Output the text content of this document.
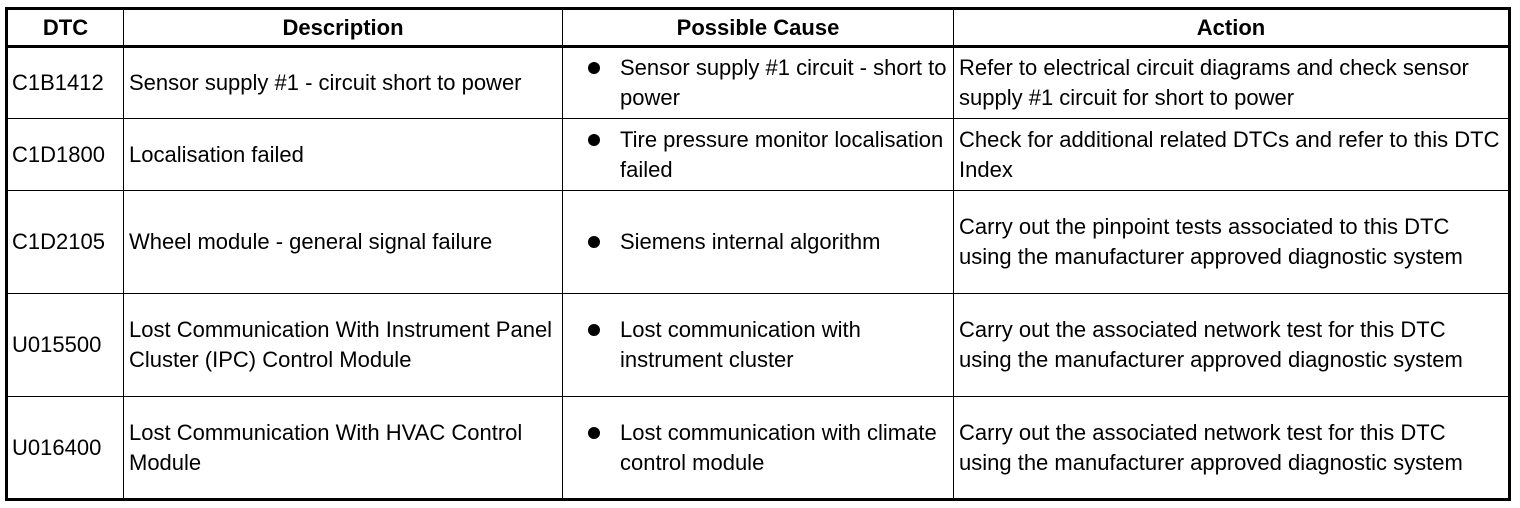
DTC	Description	Possible Cause	Action
C1B1412	Sensor supply #1 - circuit short to power	Sensor supply #1 circuit - short to power	Refer to electrical circuit diagrams and check sensor supply #1 circuit for short to power
C1D1800	Localisation failed	Tire pressure monitor localisation failed	Check for additional related DTCs and refer to this DTC Index
C1D2105	Wheel module - general signal failure	Siemens internal algorithm	Carry out the pinpoint tests associated to this DTC using the manufacturer approved diagnostic system
U015500	Lost Communication With Instrument Panel Cluster (IPC) Control Module	Lost communication with instrument cluster	Carry out the associated network test for this DTC using the manufacturer approved diagnostic system
U016400	Lost Communication With HVAC Control Module	Lost communication with climate control module	Carry out the associated network test for this DTC using the manufacturer approved diagnostic system
